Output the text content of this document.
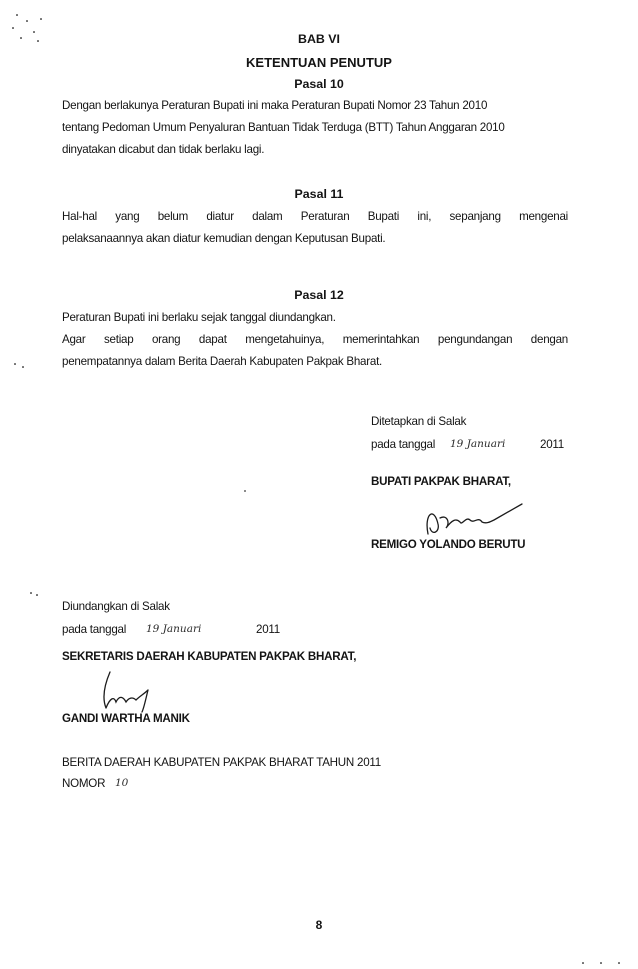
BAB VI
KETENTUAN PENUTUP
Pasal 10
Dengan berlakunya Peraturan Bupati ini maka Peraturan Bupati Nomor 23 Tahun 2010
tentang Pedoman Umum Penyaluran Bantuan Tidak Terduga (BTT) Tahun Anggaran 2010
dinyatakan dicabut dan tidak berlaku lagi.
Pasal 11
Hal-hal yang belum diatur dalam Peraturan Bupati ini, sepanjang mengenai
pelaksanaannya akan diatur kemudian dengan Keputusan Bupati.
Pasal 12
Peraturan Bupati ini berlaku sejak tanggal diundangkan.
Agar setiap orang dapat mengetahuinya, memerintahkan pengundangan dengan
penempatannya dalam Berita Daerah Kabupaten Pakpak Bharat.
Ditetapkan di Salak
pada tanggal 19 Januari	2011
BUPATI PAKPAK BHARAT,
REMIGO YOLANDO BERUTU
Diundangkan di Salak
pada tanggal 19 Januari	2011
SEKRETARIS DAERAH KABUPATEN PAKPAK BHARAT,
GANDI WARTHA MANIK
BERITA DAERAH KABUPATEN PAKPAK BHARAT TAHUN 2011
NOMOR 10
8
